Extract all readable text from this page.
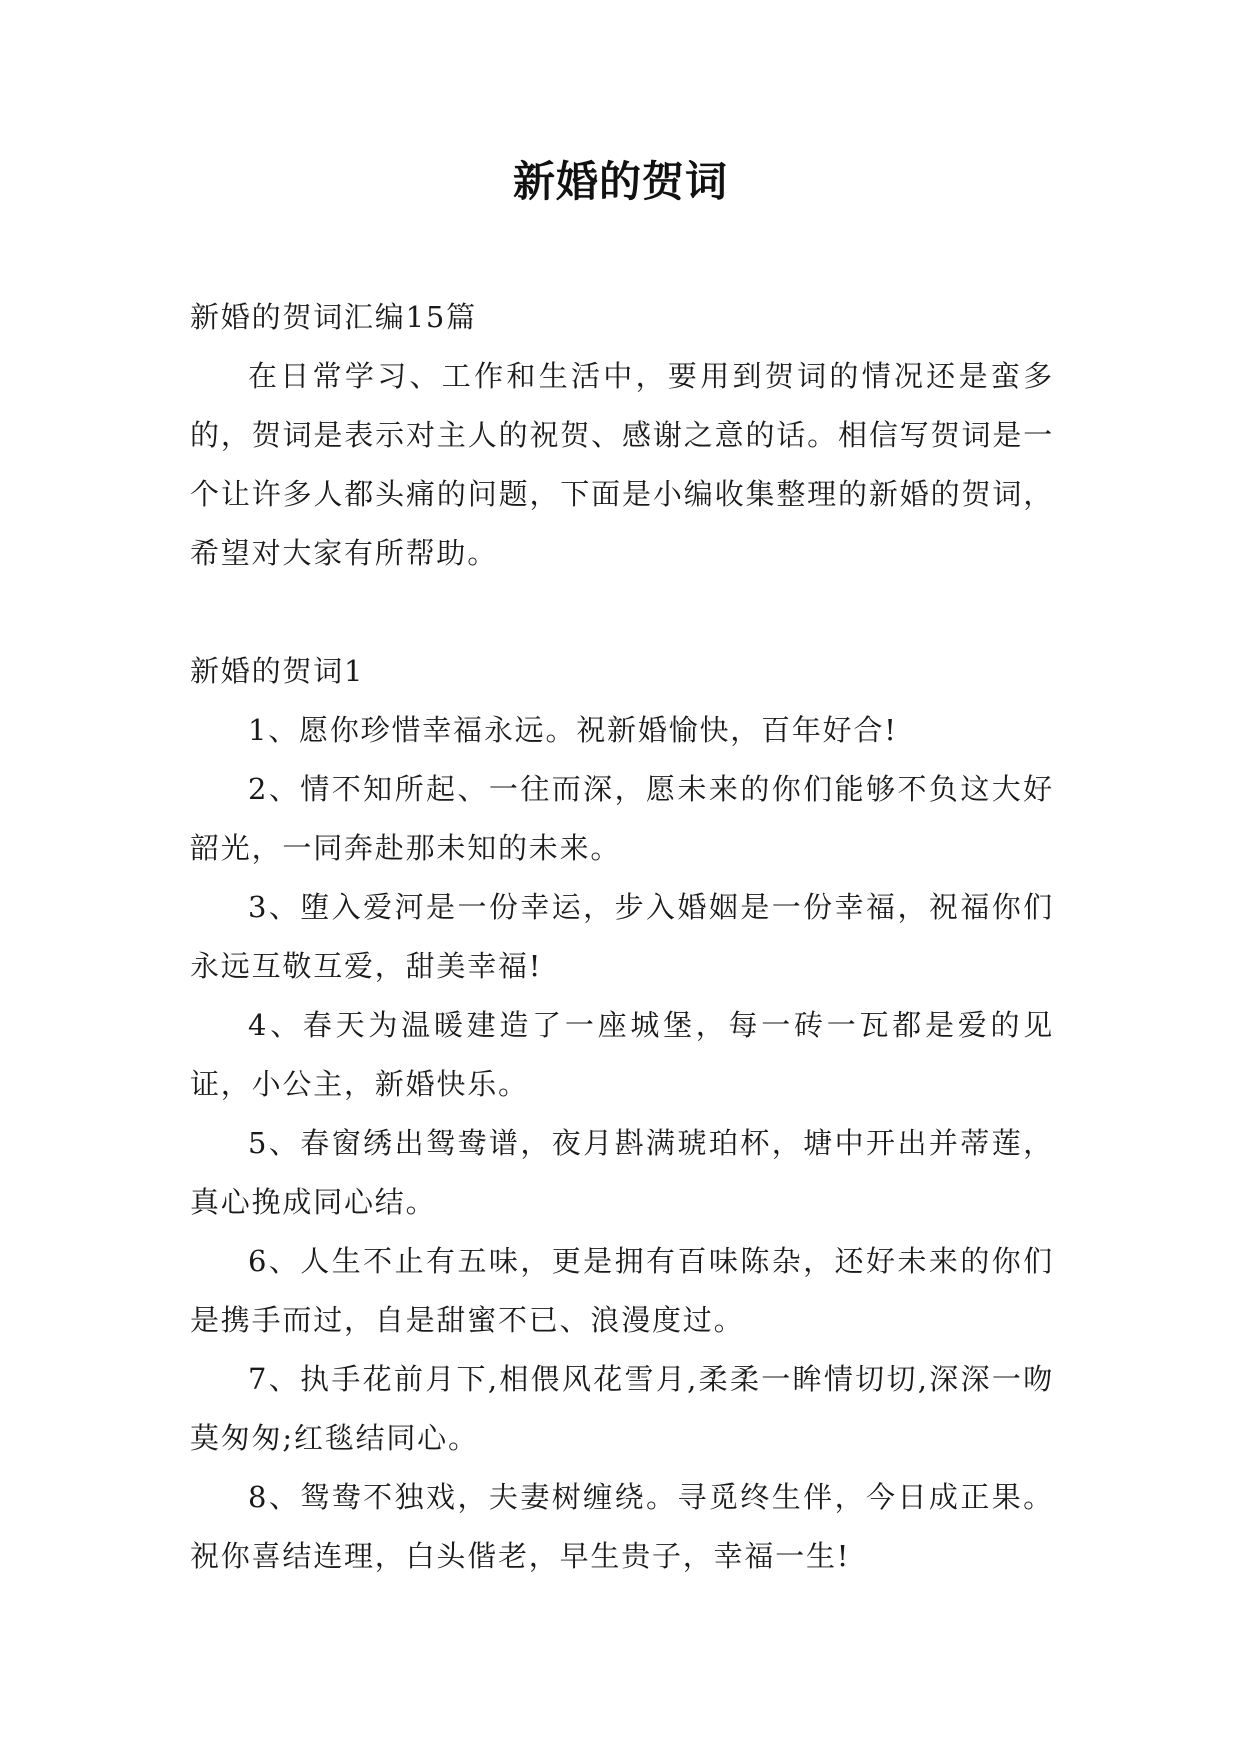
新婚的贺词

新婚的贺词汇编15篇

在日常学习、工作和生活中，要用到贺词的情况还是蛮多的，贺词是表示对主人的祝贺、感谢之意的话。相信写贺词是一个让许多人都头痛的问题，下面是小编收集整理的新婚的贺词，希望对大家有所帮助。

新婚的贺词1

1、愿你珍惜幸福永远。祝新婚愉快，百年好合!

2、情不知所起、一往而深，愿未来的你们能够不负这大好韶光，一同奔赴那未知的未来。

3、堕入爱河是一份幸运，步入婚姻是一份幸福，祝福你们永远互敬互爱，甜美幸福!

4、春天为温暖建造了一座城堡，每一砖一瓦都是爱的见证，小公主，新婚快乐。

5、春窗绣出鸳鸯谱，夜月斟满琥珀杯，塘中开出并蒂莲，真心挽成同心结。

6、人生不止有五味，更是拥有百味陈杂，还好未来的你们是携手而过，自是甜蜜不已、浪漫度过。

7、执手花前月下,相偎风花雪月,柔柔一眸情切切,深深一吻莫匆匆;红毯结同心。

8、鸳鸯不独戏，夫妻树缠绕。寻觅终生伴，今日成正果。祝你喜结连理，白头偕老，早生贵子，幸福一生!
